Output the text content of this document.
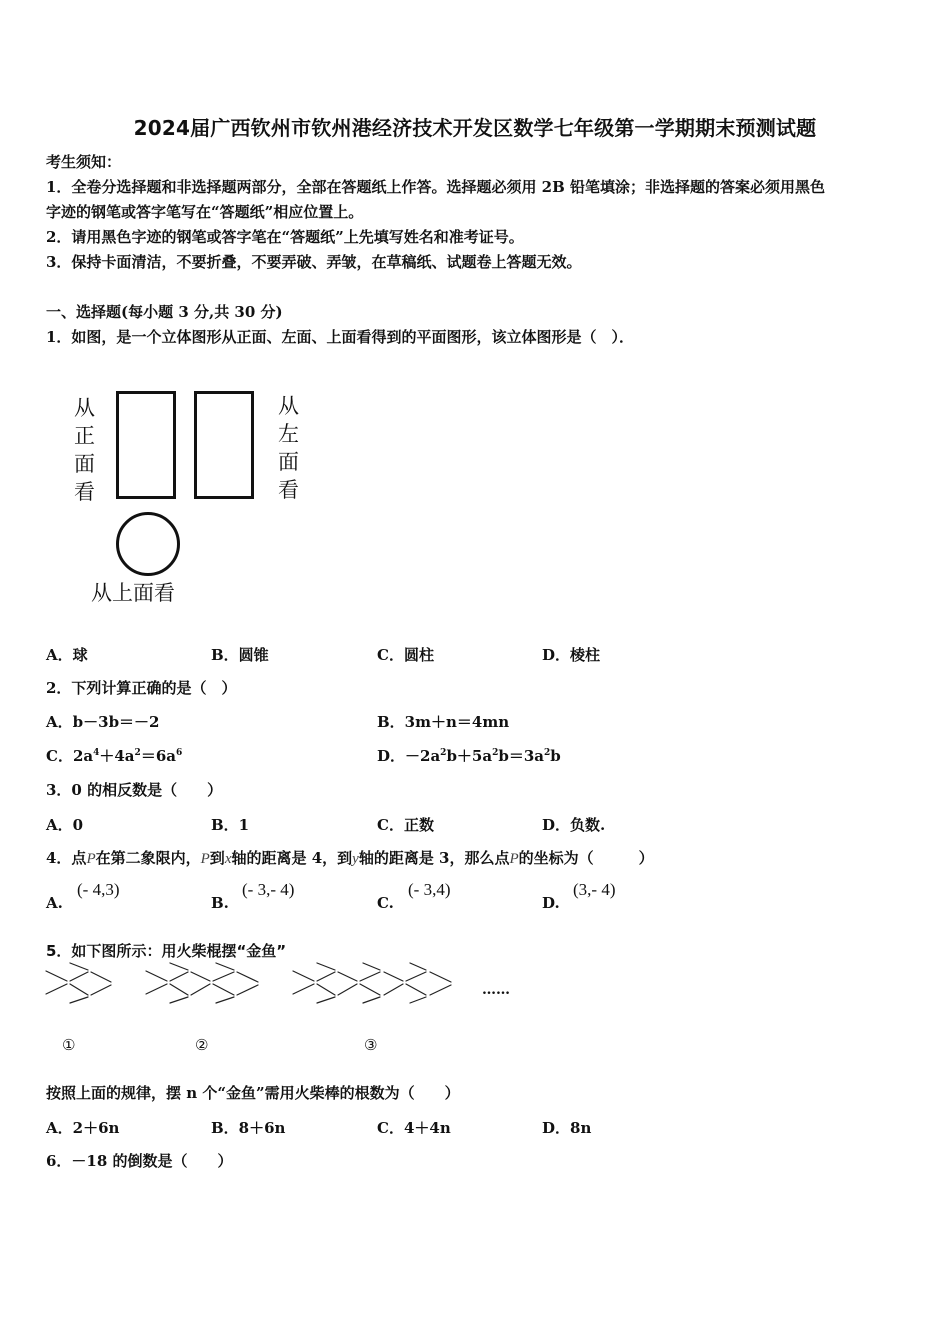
2024届广西钦州市钦州港经济技术开发区数学七年级第一学期期末预测试题
考生须知：
1．全卷分选择题和非选择题两部分，全部在答题纸上作答。选择题必须用 2B 铅笔填涂；非选择题的答案必须用黑色
字迹的钢笔或答字笔写在“答题纸”相应位置上。
2．请用黑色字迹的钢笔或答字笔在“答题纸”上先填写姓名和准考证号。
3．保持卡面清洁，不要折叠，不要弄破、弄皱，在草稿纸、试题卷上答题无效。
一、选择题(每小题 3 分,共 30 分)
1．如图，是一个立体图形从正面、左面、上面看得到的平面图形，该立体图形是（　）．
从
正
面
看
从
左
面
看
从上面看
A．球	B．圆锥	C．圆柱	D．棱柱
2．下列计算正确的是（　）
A．b－3b＝－2	B．3m＋n＝4mn
C．$2a^4+4a^2=6a^6$	D．$-2a^2b+5a^2b=3a^2b$
3．0 的相反数是（　　）
A．0	B．1	C．正数	D．负数.
4．点P在第二象限内，P到x轴的距离是 4，到y轴的距离是 3，那么点P的坐标为（　　　）
A.
(- 4,3)
B.
(- 3,- 4)
C.
(- 3,4)
D.
(3,- 4)
5．如下图所示：用火柴棍摆“金鱼”
……
①	②	③
按照上面的规律，摆 n 个“金鱼”需用火柴棒的根数为（　　）
A．2＋6n	B．8＋6n	C．4＋4n	D．8n
6．－18 的倒数是（　　）
